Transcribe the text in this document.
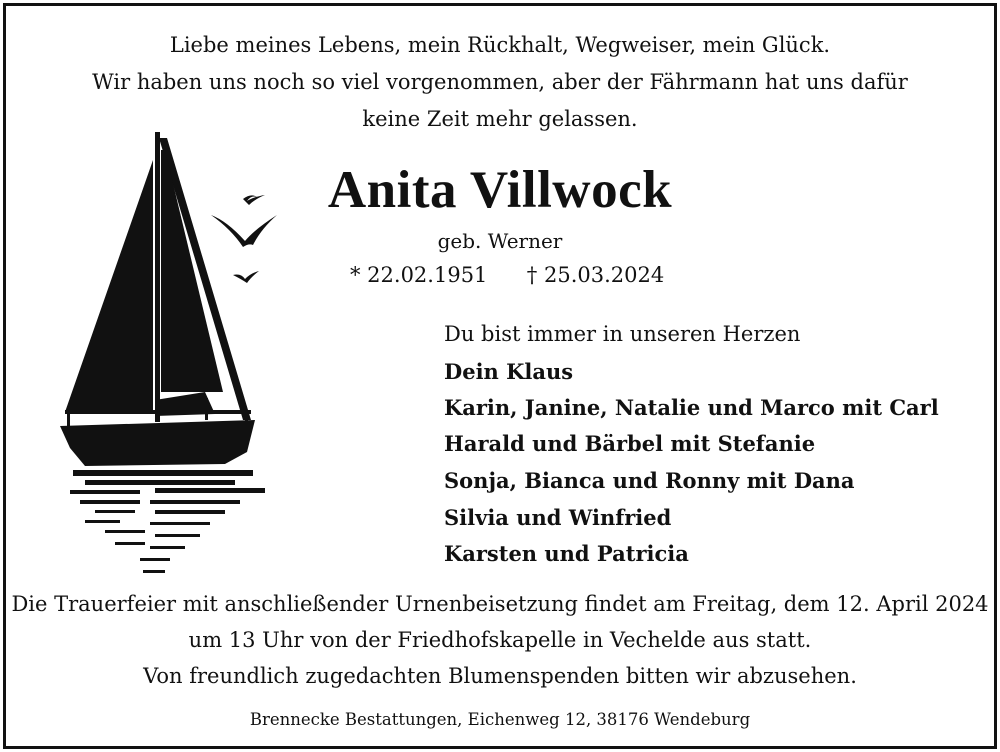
Liebe meines Lebens, mein Rückhalt, Wegweiser, mein Glück.
Wir haben uns noch so viel vorgenommen, aber der Fährmann hat uns dafür
keine Zeit mehr gelassen.
Anita Villwock
geb. Werner
* 22.02.1951 † 25.03.2024
Du bist immer in unseren Herzen
Dein Klaus
Karin, Janine, Natalie und Marco mit Carl
Harald und Bärbel mit Stefanie
Sonja, Bianca und Ronny mit Dana
Silvia und Winfried
Karsten und Patricia
Die Trauerfeier mit anschließender Urnenbeisetzung findet am Freitag, dem 12. April 2024
um 13 Uhr von der Friedhofskapelle in Vechelde aus statt.
Von freundlich zugedachten Blumenspenden bitten wir abzusehen.
Brennecke Bestattungen, Eichenweg 12, 38176 Wendeburg
